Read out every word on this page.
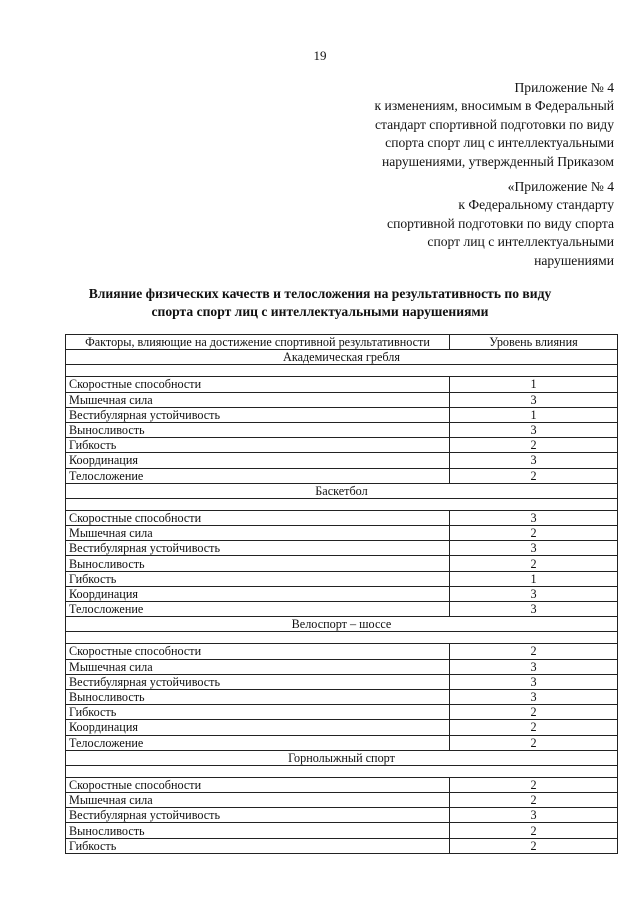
19

Приложение № 4

к изменениям, вносимым в Федеральный

стандарт спортивной подготовки по виду

спорта спорт лиц с интеллектуальными

нарушениями, утвержденный Приказом

«Приложение № 4

к Федеральному стандарту

спортивной подготовки по виду спорта

спорт лиц с интеллектуальными

нарушениями

Влияние физических качеств и телосложения на результативность по виду

спорта спорт лиц с интеллектуальными нарушениями

Факторы, влияющие на достижение спортивной результативности	Уровень влияния
Академическая гребля	

Скоростные способности	1
Мышечная сила	3
Вестибулярная устойчивость	1
Выносливость	3
Гибкость	2
Координация	3
Телосложение	2
Баскетбол	

Скоростные способности	3
Мышечная сила	2
Вестибулярная устойчивость	3
Выносливость	2
Гибкость	1
Координация	3
Телосложение	3
Велоспорт – шоссе	

Скоростные способности	2
Мышечная сила	3
Вестибулярная устойчивость	3
Выносливость	3
Гибкость	2
Координация	2
Телосложение	2
Горнолыжный спорт	

Скоростные способности	2
Мышечная сила	2
Вестибулярная устойчивость	3
Выносливость	2
Гибкость	2
